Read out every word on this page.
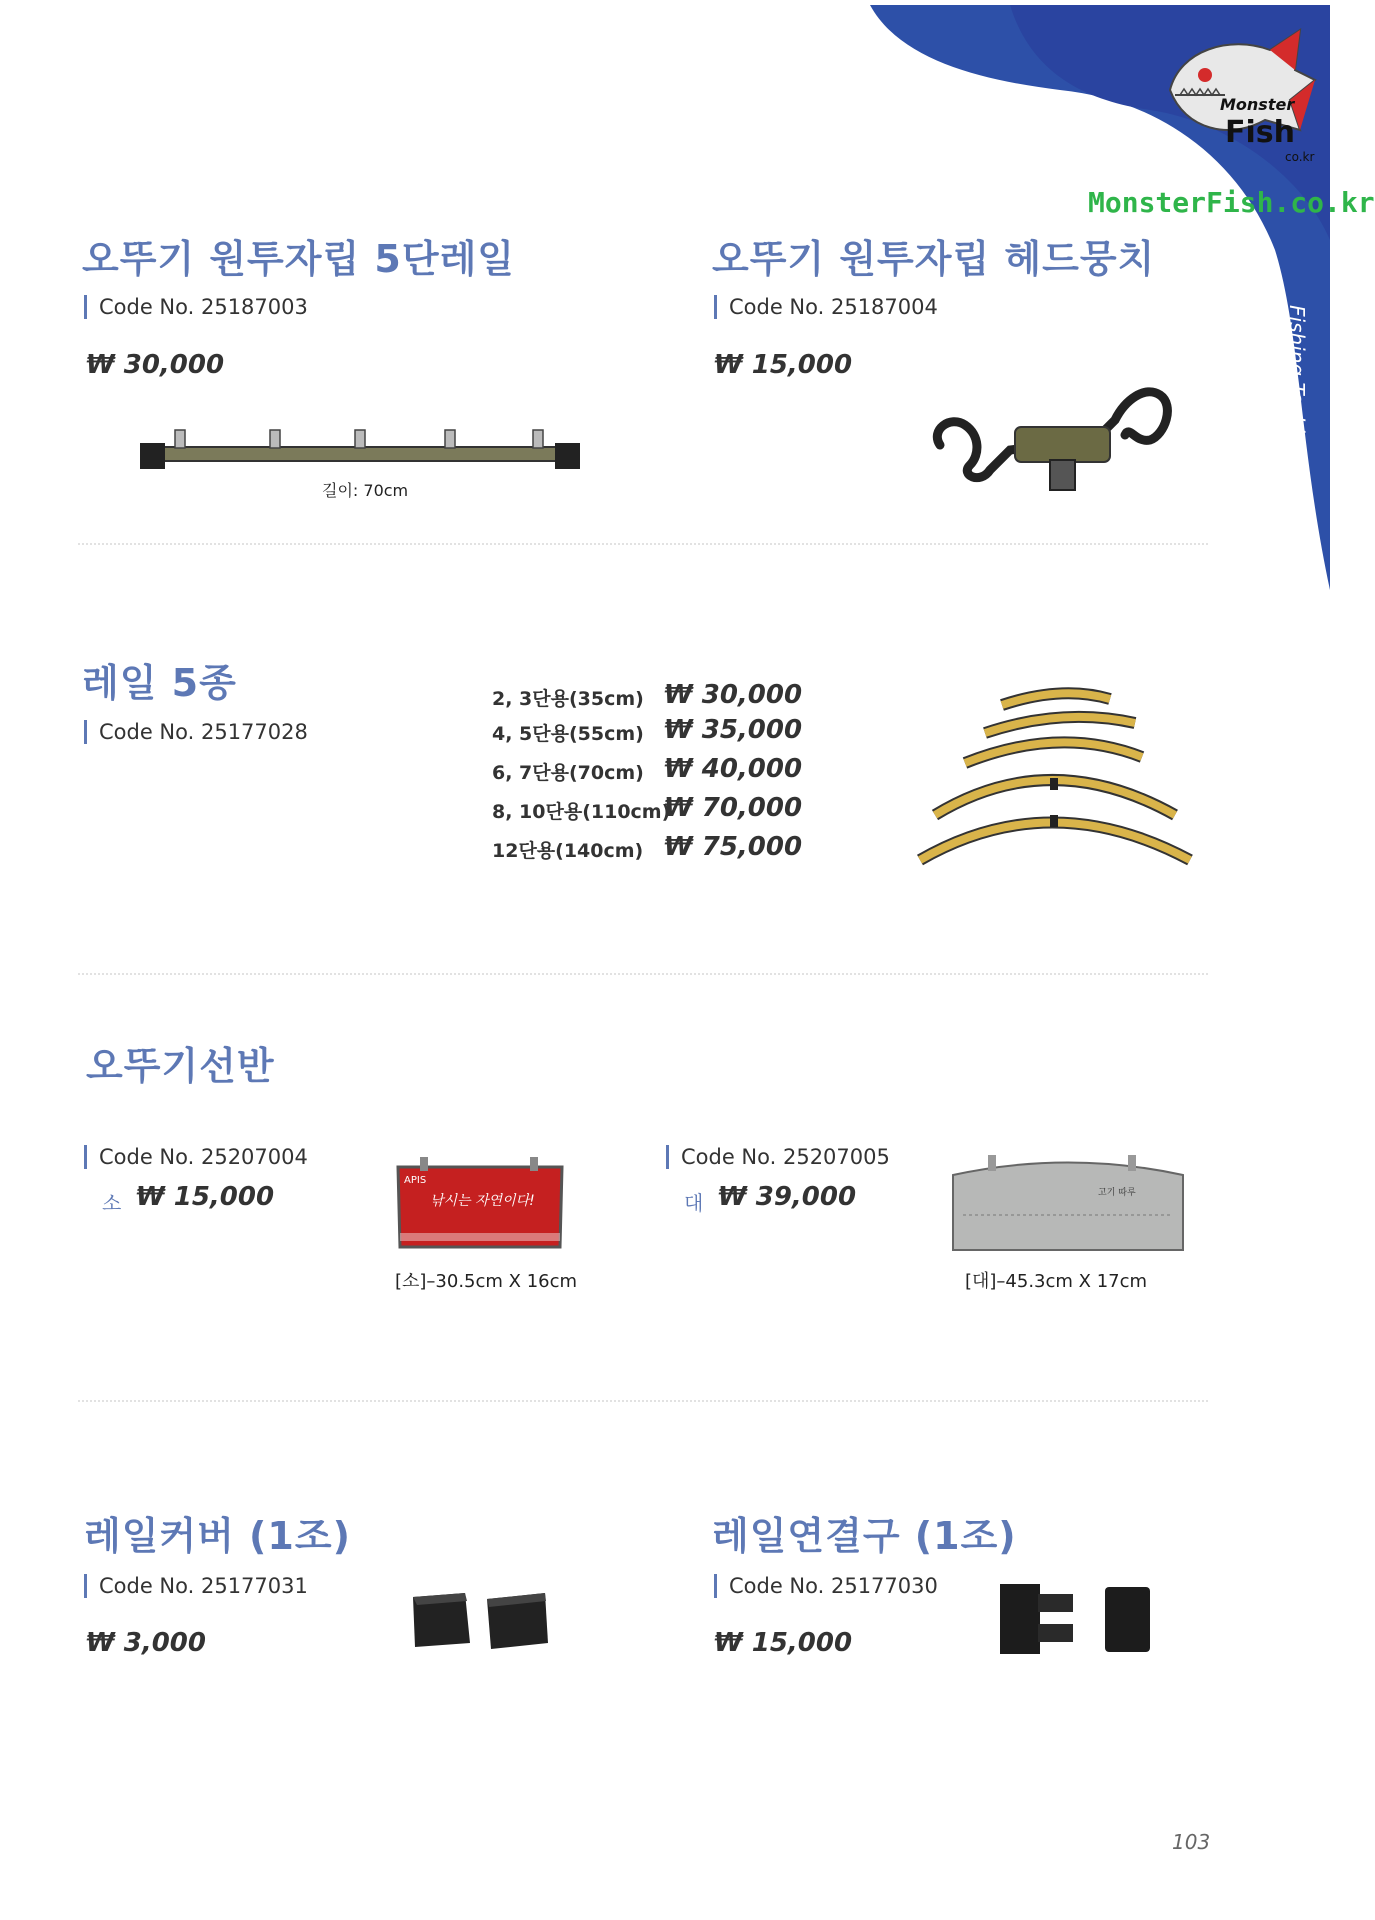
Monster
Fish
co.kr
MonsterFish.co.kr
Fishing Tackle
오뚜기 원투자립 5단레일
Code No. 25187003
₩ 30,000
길이: 70cm
오뚜기 원투자립 헤드뭉치
Code No. 25187004
₩ 15,000
레일 5종
Code No. 25177028
2, 3단용(35cm) ₩ 30,000
4, 5단용(55cm) ₩ 35,000
6, 7단용(70cm) ₩ 40,000
8, 10단용(110cm)
₩ 70,000
12단용(140cm) ₩ 75,000
오뚜기선반
Code No. 25207004
소 ₩ 15,000
APIS
낚시는 자연이다!
[소]–30.5cm X 16cm
Code No. 25207005
대 ₩ 39,000	고기 따루
[대]–45.3cm X 17cm
레일커버 (1조)
Code No. 25177031
₩ 3,000
레일연결구 (1조)
Code No. 25177030
₩ 15,000
103
